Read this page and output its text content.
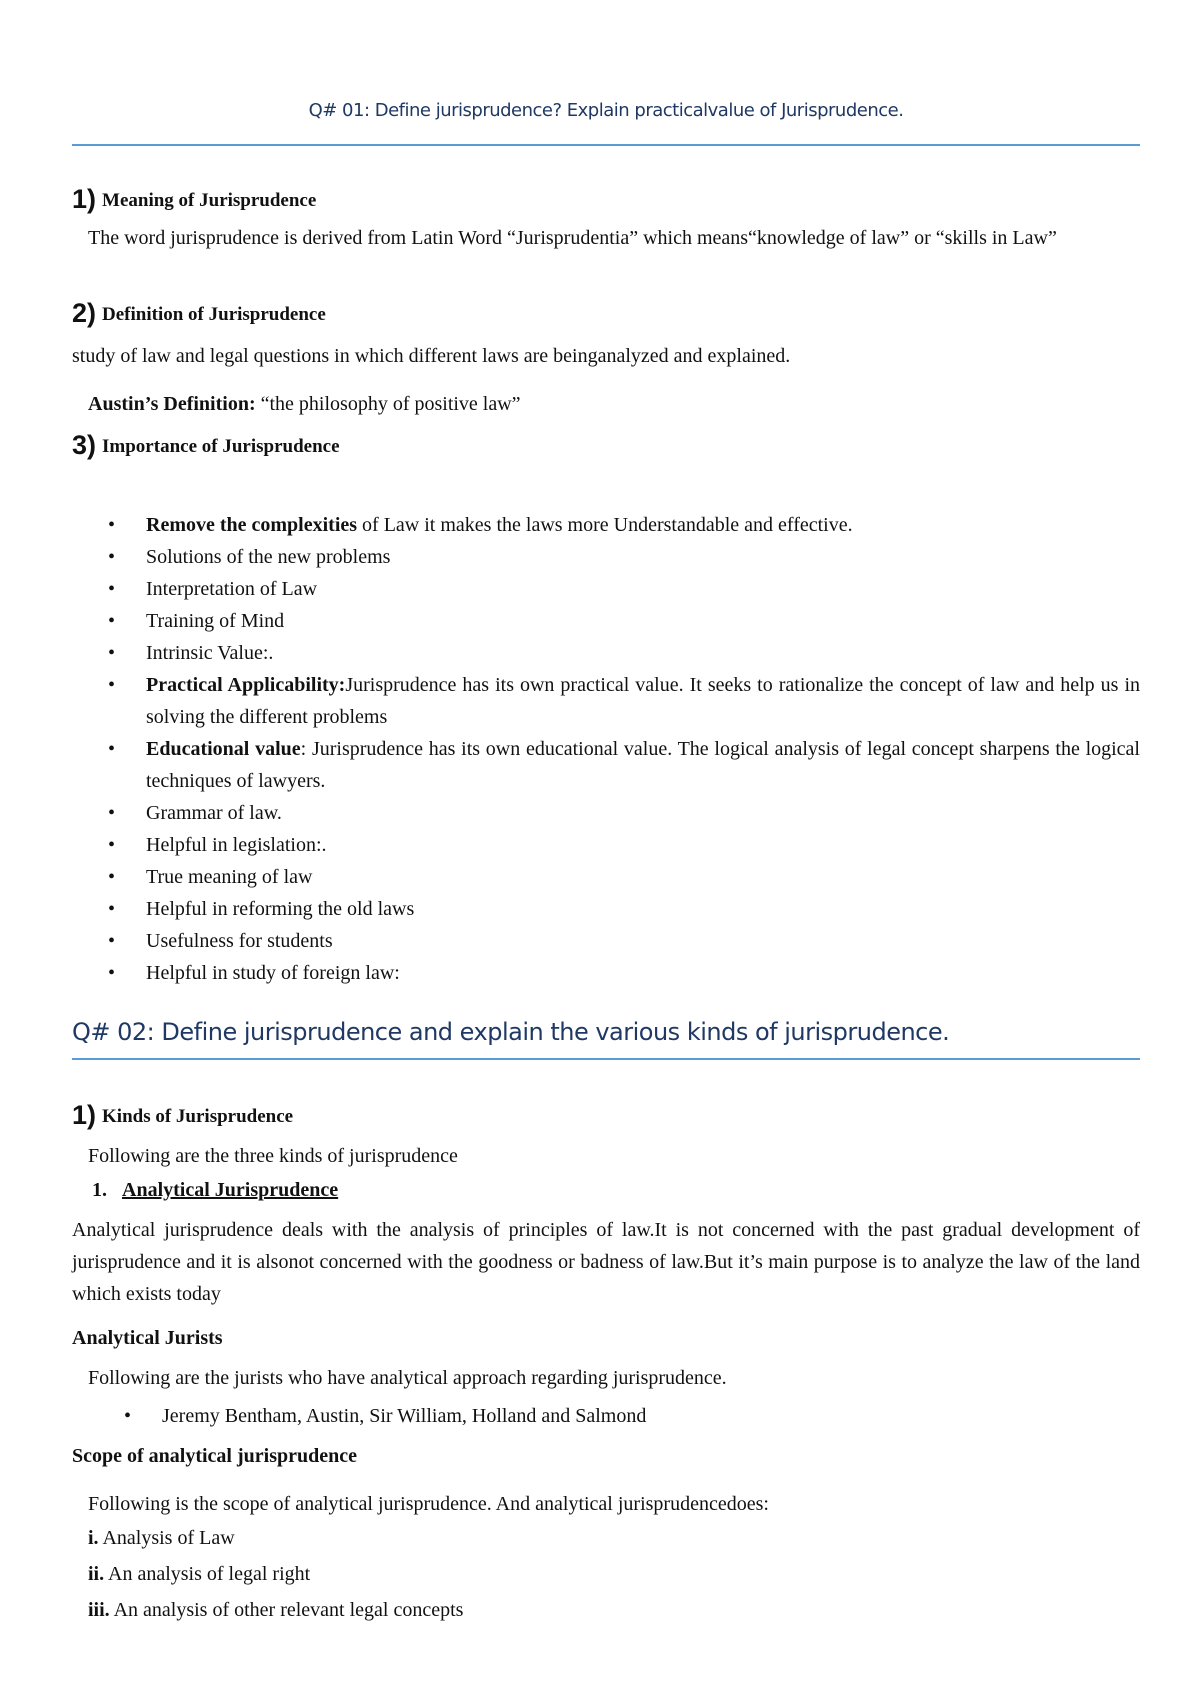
Q# 01: Define jurisprudence? Explain practicalvalue of Jurisprudence.
1) Meaning of Jurisprudence
The word jurisprudence is derived from Latin Word “Jurisprudentia” which means“knowledge of law” or “skills in Law”
2) Definition of Jurisprudence
study of law and legal questions in which different laws are beinganalyzed and explained.
Austin’s Definition: “the philosophy of positive law”
3) Importance of Jurisprudence
• Remove the complexities of Law it makes the laws more Understandable and effective.
• Solutions of the new problems
• Interpretation of Law
• Training of Mind
• Intrinsic Value:.
• Practical Applicability:Jurisprudence has its own practical value. It seeks to rationalize the concept of law and help us in solving the different problems
• Educational value: Jurisprudence has its own educational value. The logical analysis of legal concept sharpens the logical techniques of lawyers.
• Grammar of law.
• Helpful in legislation:.
• True meaning of law
• Helpful in reforming the old laws
• Usefulness for students
• Helpful in study of foreign law:
Q# 02: Define jurisprudence and explain the various kinds of jurisprudence.
1) Kinds of Jurisprudence
Following are the three kinds of jurisprudence
1. Analytical Jurisprudence
Analytical jurisprudence deals with the analysis of principles of law.It is not concerned with the past gradual development of jurisprudence and it is alsonot concerned with the goodness or badness of law.But it’s main purpose is to analyze the law of the land which exists today
Analytical Jurists
Following are the jurists who have analytical approach regarding jurisprudence.
• Jeremy Bentham, Austin, Sir William, Holland and Salmond
Scope of analytical jurisprudence
Following is the scope of analytical jurisprudence. And analytical jurisprudencedoes:
i. Analysis of Law
ii. An analysis of legal right
iii. An analysis of other relevant legal concepts
